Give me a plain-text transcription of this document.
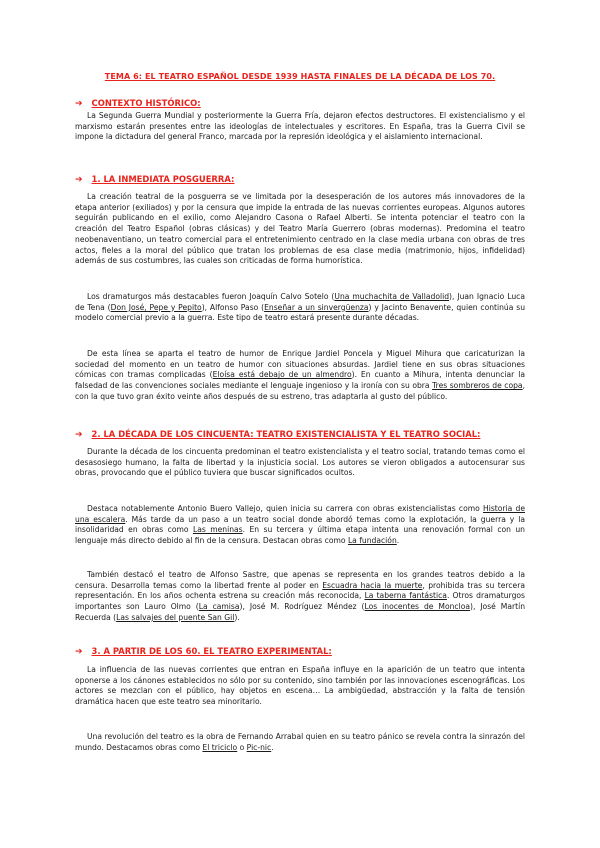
TEMA 6: EL TEATRO ESPAÑOL DESDE 1939 HASTA FINALES DE LA DÉCADA DE LOS 70.
➔ CONTEXTO HISTÓRICO:

La Segunda Guerra Mundial y posteriormente la Guerra Fría, dejaron efectos destructores. El existencialismo y el marxismo estarán presentes entre las ideologías de intelectuales y escritores. En España, tras la Guerra Civil se impone la dictadura del general Franco, marcada por la represión ideológica y el aislamiento internacional.

➔ 1. LA INMEDIATA POSGUERRA:

La creación teatral de la posguerra se ve limitada por la desesperación de los autores más innovadores de la etapa anterior (exiliados) y por la censura que impide la entrada de las nuevas corrientes europeas. Algunos autores seguirán publicando en el exilio, como Alejandro Casona o Rafael Alberti. Se intenta potenciar el teatro con la creación del Teatro Español (obras clásicas) y del Teatro María Guerrero (obras modernas). Predomina el teatro neobenaventiano, un teatro comercial para el entretenimiento centrado en la clase media urbana con obras de tres actos, fieles a la moral del público que tratan los problemas de esa clase media (matrimonio, hijos, infidelidad) además de sus costumbres, las cuales son criticadas de forma humorística.

Los dramaturgos más destacables fueron Joaquín Calvo Sotelo (Una muchachita de Valladolid), Juan Ignacio Luca de Tena (Don José, Pepe y Pepito), Alfonso Paso (Enseñar a un sinvergüenza) y Jacinto Benavente, quien continúa su modelo comercial previo a la guerra. Este tipo de teatro estará presente durante décadas.

De esta línea se aparta el teatro de humor de Enrique Jardiel Poncela y Miguel Mihura que caricaturizan la sociedad del momento en un teatro de humor con situaciones absurdas. Jardiel tiene en sus obras situaciones cómicas con tramas complicadas (Eloísa está debajo de un almendro). En cuanto a Mihura, intenta denunciar la falsedad de las convenciones sociales mediante el lenguaje ingenioso y la ironía con su obra Tres sombreros de copa, con la que tuvo gran éxito veinte años después de su estreno, tras adaptarla al gusto del público.

➔ 2. LA DÉCADA DE LOS CINCUENTA: TEATRO EXISTENCIALISTA Y EL TEATRO SOCIAL:

Durante la década de los cincuenta predominan el teatro existencialista y el teatro social, tratando temas como el desasosiego humano, la falta de libertad y la injusticia social. Los autores se vieron obligados a autocensurar sus obras, provocando que el público tuviera que buscar significados ocultos.

Destaca notablemente Antonio Buero Vallejo, quien inicia su carrera con obras existencialistas como Historia de una escalera. Más tarde da un paso a un teatro social donde abordó temas como la explotación, la guerra y la insolidaridad en obras como Las meninas. En su tercera y última etapa intenta una renovación formal con un lenguaje más directo debido al fin de la censura. Destacan obras como La fundación.

También destacó el teatro de Alfonso Sastre, que apenas se representa en los grandes teatros debido a la censura. Desarrolla temas como la libertad frente al poder en Escuadra hacia la muerte, prohibida tras su tercera representación. En los años ochenta estrena su creación más reconocida, La taberna fantástica. Otros dramaturgos importantes son Lauro Olmo (La camisa), José M. Rodríguez Méndez (Los inocentes de Moncloa), José Martín Recuerda (Las salvajes del puente San Gil).

➔ 3. A PARTIR DE LOS 60. EL TEATRO EXPERIMENTAL:

La influencia de las nuevas corrientes que entran en España influye en la aparición de un teatro que intenta oponerse a los cánones establecidos no sólo por su contenido, sino también por las innovaciones escenográficas. Los actores se mezclan con el público, hay objetos en escena… La ambigüedad, abstracción y la falta de tensión dramática hacen que este teatro sea minoritario.

Una revolución del teatro es la obra de Fernando Arrabal quien en su teatro pánico se revela contra la sinrazón del mundo. Destacamos obras como El triciclo o Pic-nic.
